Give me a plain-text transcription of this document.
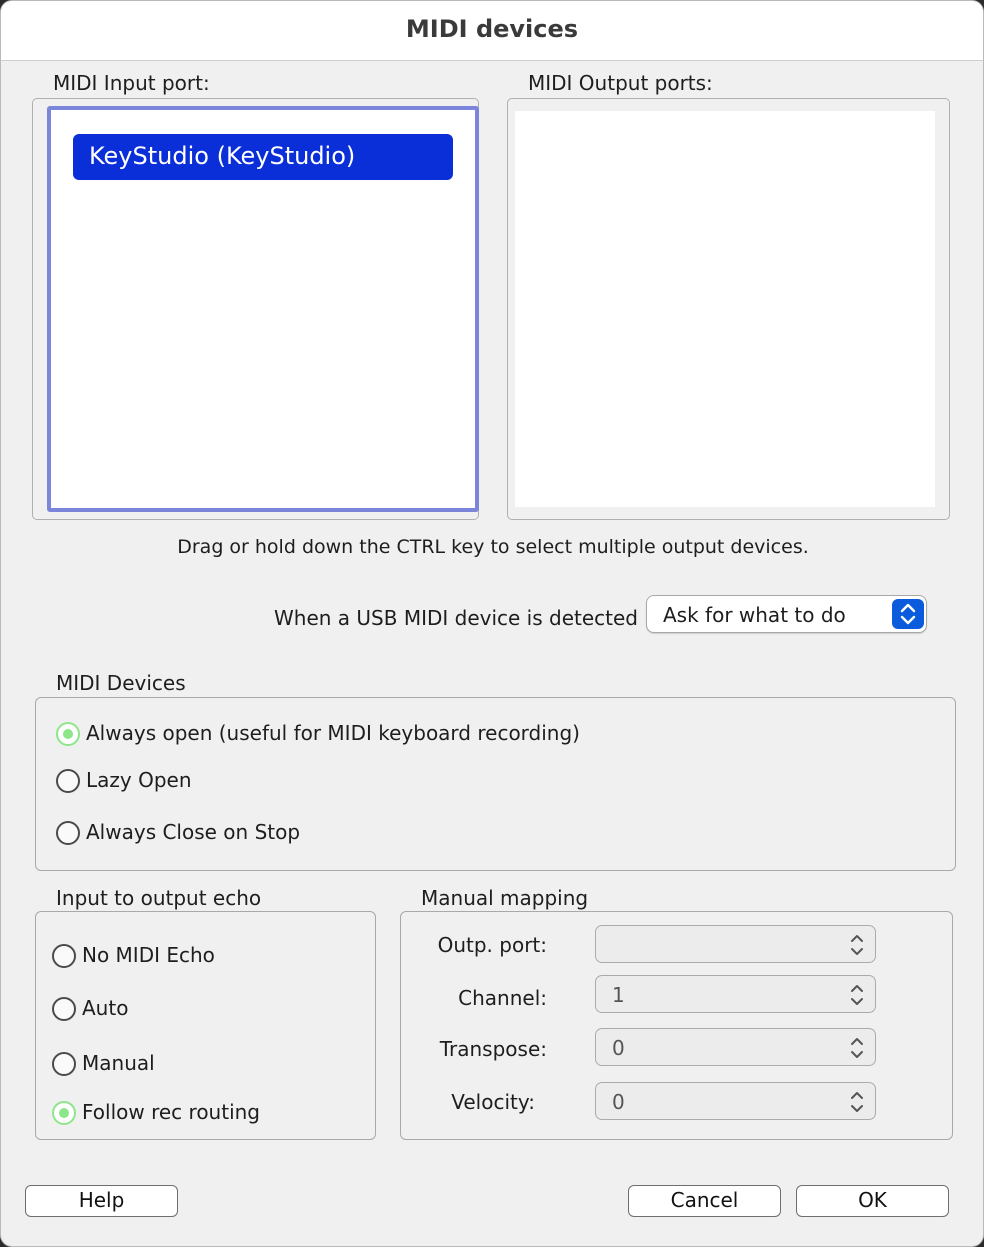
MIDI devices
MIDI Input port:
KeyStudio (KeyStudio)
MIDI Output ports:
Drag or hold down the CTRL key to select multiple output devices.
When a USB MIDI device is detected Ask for what to do
MIDI Devices
Always open (useful for MIDI keyboard recording)
Lazy Open
Always Close on Stop
Input to output echo
No MIDI Echo
Auto
Manual
Follow rec routing
Manual mapping
Outp. port:
Channel:	1
Transpose:	0
Velocity:	0
Help	Cancel	OK
